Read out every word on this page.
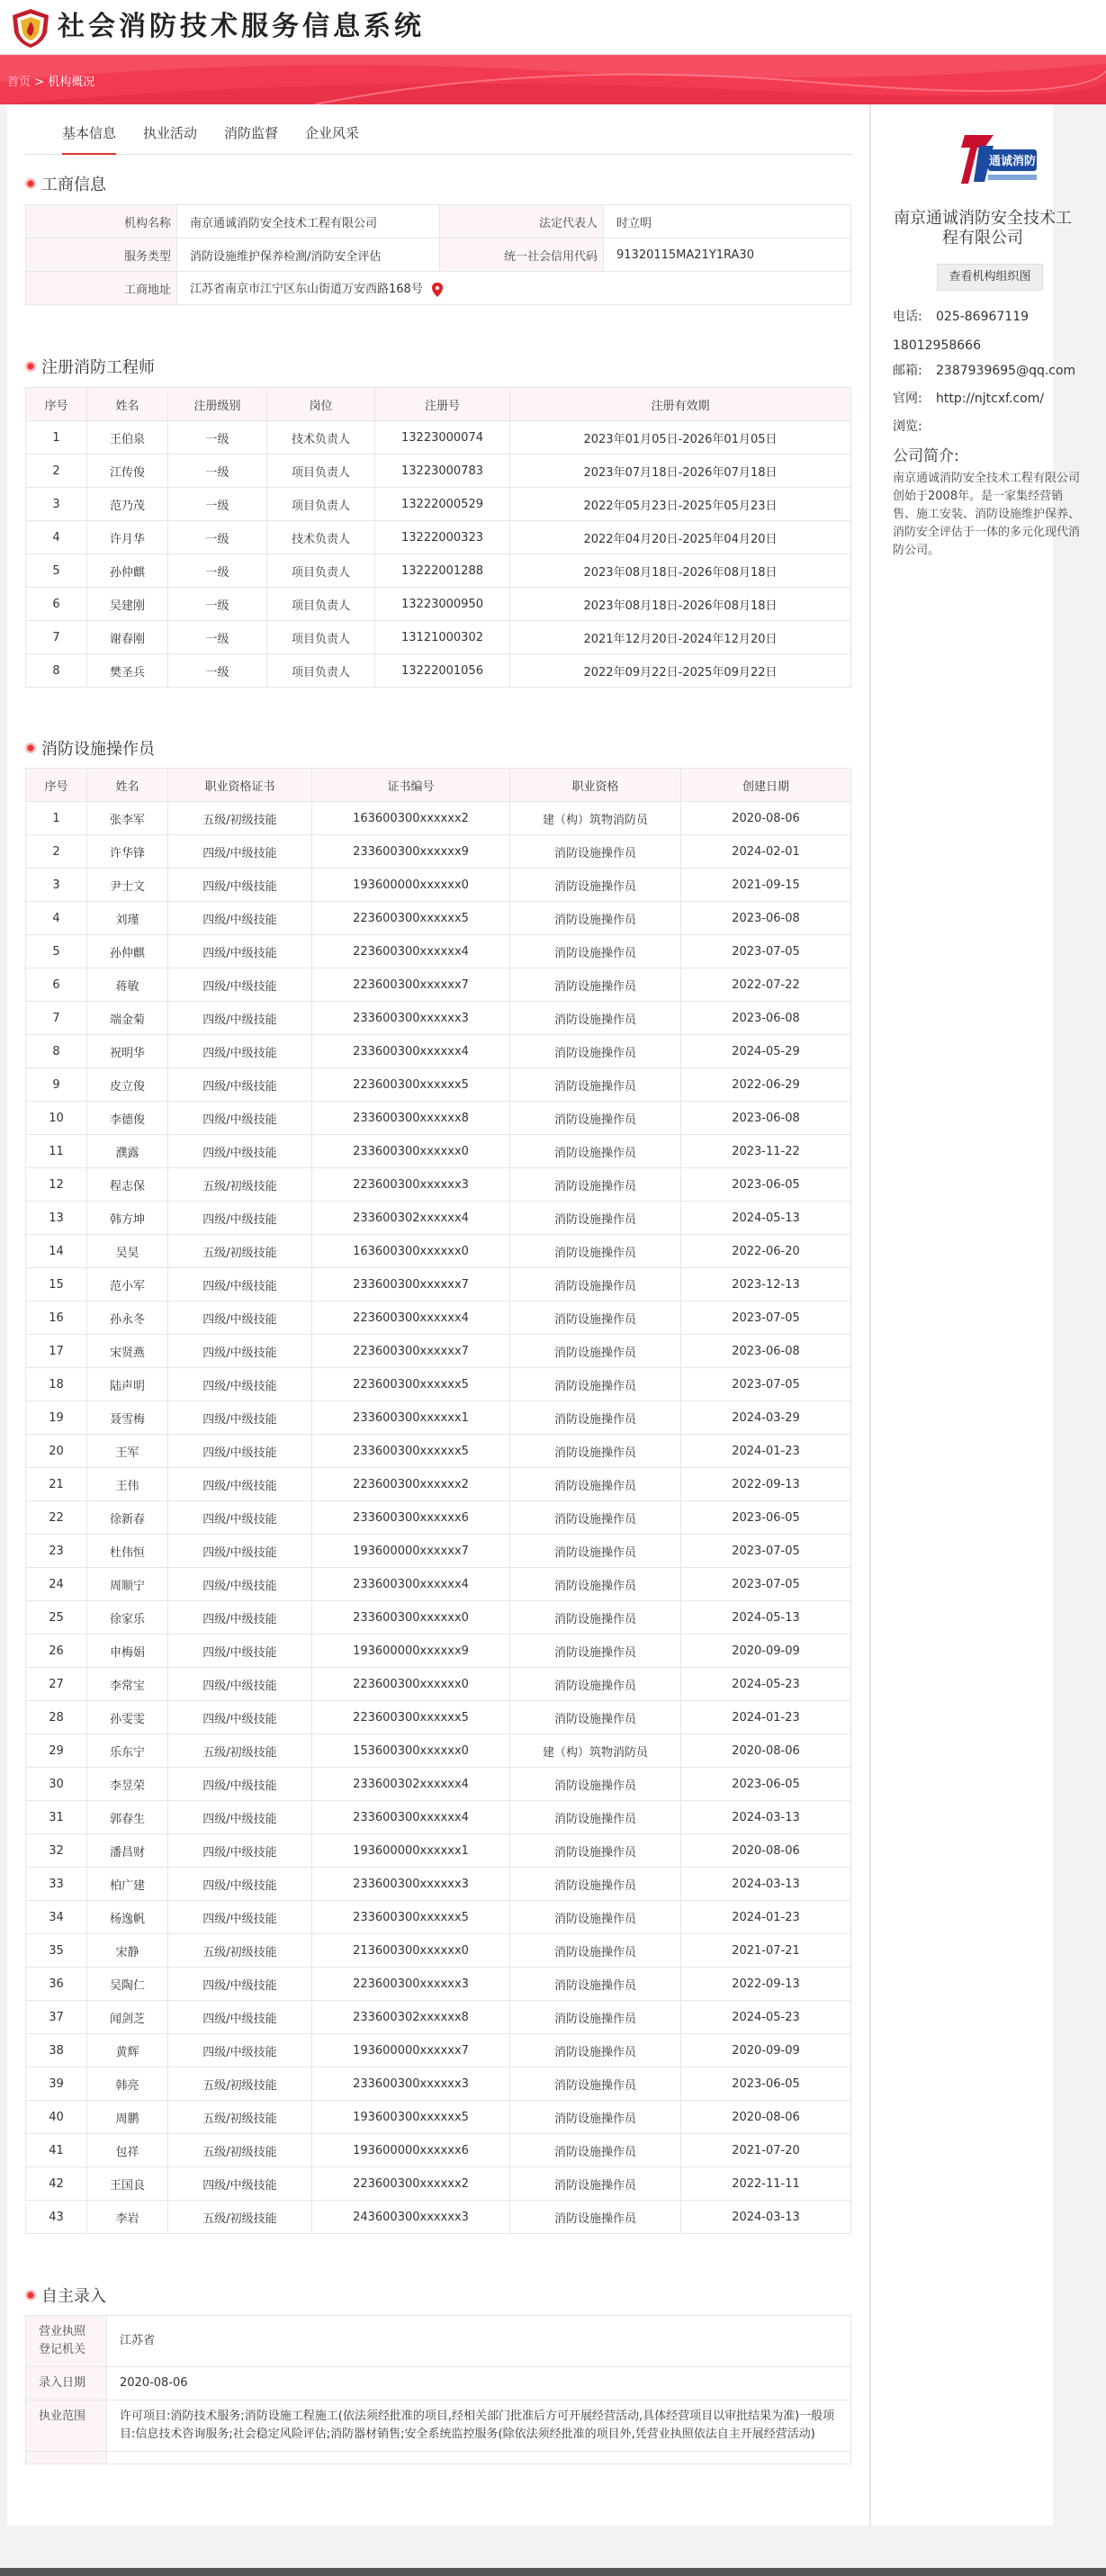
社会消防技术服务信息系统
首页 > 机构概况
基本信息 执业活动 消防监督 企业风采
工商信息
机构名称	南京通诚消防安全技术工程有限公司	法定代表人	时立明
服务类型	消防设施维护保养检测/消防安全评估	统一社会信用代码	91320115MA21Y1RA30
工商地址	江苏省南京市江宁区东山街道万安西路168号		
注册消防工程师
序号	姓名	注册级别	岗位	注册号	注册有效期
1	王伯泉	一级	技术负责人	13223000074	2023年01月05日-2026年01月05日
2	江传俊	一级	项目负责人	13223000783	2023年07月18日-2026年07月18日
3	范乃茂	一级	项目负责人	13222000529	2022年05月23日-2025年05月23日
4	许月华	一级	技术负责人	13222000323	2022年04月20日-2025年04月20日
5	孙仲麒	一级	项目负责人	13222001288	2023年08月18日-2026年08月18日
6	吴建刚	一级	项目负责人	13223000950	2023年08月18日-2026年08月18日
7	谢春刚	一级	项目负责人	13121000302	2021年12月20日-2024年12月20日
8	樊圣兵	一级	项目负责人	13222001056	2022年09月22日-2025年09月22日
消防设施操作员
序号	姓名	职业资格证书	证书编号	职业资格	创建日期
1	张李军	五级/初级技能	163600300xxxxxx2	建（构）筑物消防员	2020-08-06
2	许华锋	四级/中级技能	233600300xxxxxx9	消防设施操作员	2024-02-01
3	尹士文	四级/中级技能	193600000xxxxxx0	消防设施操作员	2021-09-15
4	刘瑾	四级/中级技能	223600300xxxxxx5	消防设施操作员	2023-06-08
5	孙仲麒	四级/中级技能	223600300xxxxxx4	消防设施操作员	2023-07-05
6	蒋敏	四级/中级技能	223600300xxxxxx7	消防设施操作员	2022-07-22
7	端金菊	四级/中级技能	233600300xxxxxx3	消防设施操作员	2023-06-08
8	祝明华	四级/中级技能	233600300xxxxxx4	消防设施操作员	2024-05-29
9	皮立俊	四级/中级技能	223600300xxxxxx5	消防设施操作员	2022-06-29
10	李德俊	四级/中级技能	233600300xxxxxx8	消防设施操作员	2023-06-08
11	濮露	四级/中级技能	233600300xxxxxx0	消防设施操作员	2023-11-22
12	程志保	五级/初级技能	223600300xxxxxx3	消防设施操作员	2023-06-05
13	韩方坤	四级/中级技能	233600302xxxxxx4	消防设施操作员	2024-05-13
14	吴昊	五级/初级技能	163600300xxxxxx0	消防设施操作员	2022-06-20
15	范小军	四级/中级技能	233600300xxxxxx7	消防设施操作员	2023-12-13
16	孙永冬	四级/中级技能	223600300xxxxxx4	消防设施操作员	2023-07-05
17	宋贤燕	四级/中级技能	223600300xxxxxx7	消防设施操作员	2023-06-08
18	陆声明	四级/中级技能	223600300xxxxxx5	消防设施操作员	2023-07-05
19	聂雪梅	四级/中级技能	233600300xxxxxx1	消防设施操作员	2024-03-29
20	王军	四级/中级技能	233600300xxxxxx5	消防设施操作员	2024-01-23
21	王伟	四级/中级技能	223600300xxxxxx2	消防设施操作员	2022-09-13
22	徐新春	四级/中级技能	233600300xxxxxx6	消防设施操作员	2023-06-05
23	杜伟恒	四级/中级技能	193600000xxxxxx7	消防设施操作员	2023-07-05
24	周顺宁	四级/中级技能	233600300xxxxxx4	消防设施操作员	2023-07-05
25	徐家乐	四级/中级技能	233600300xxxxxx0	消防设施操作员	2024-05-13
26	申梅娟	四级/中级技能	193600000xxxxxx9	消防设施操作员	2020-09-09
27	李常宝	四级/中级技能	223600300xxxxxx0	消防设施操作员	2024-05-23
28	孙雯雯	四级/中级技能	223600300xxxxxx5	消防设施操作员	2024-01-23
29	乐东宁	五级/初级技能	153600300xxxxxx0	建（构）筑物消防员	2020-08-06
30	李昱荣	四级/中级技能	233600302xxxxxx4	消防设施操作员	2023-06-05
31	郭春生	四级/中级技能	233600300xxxxxx4	消防设施操作员	2024-03-13
32	潘昌财	四级/中级技能	193600000xxxxxx1	消防设施操作员	2020-08-06
33	柏广建	四级/中级技能	233600300xxxxxx3	消防设施操作员	2024-03-13
34	杨逸帆	四级/中级技能	233600300xxxxxx5	消防设施操作员	2024-01-23
35	宋静	五级/初级技能	213600300xxxxxx0	消防设施操作员	2021-07-21
36	吴陶仁	四级/中级技能	223600300xxxxxx3	消防设施操作员	2022-09-13
37	闻剑芝	四级/中级技能	233600302xxxxxx8	消防设施操作员	2024-05-23
38	黄辉	四级/中级技能	193600000xxxxxx7	消防设施操作员	2020-09-09
39	韩亮	五级/初级技能	233600300xxxxxx3	消防设施操作员	2023-06-05
40	周鹏	五级/初级技能	193600300xxxxxx5	消防设施操作员	2020-08-06
41	包祥	五级/初级技能	193600000xxxxxx6	消防设施操作员	2021-07-20
42	王国良	四级/中级技能	223600300xxxxxx2	消防设施操作员	2022-11-11
43	李岩	五级/初级技能	243600300xxxxxx3	消防设施操作员	2024-03-13
自主录入
营业执照登记机关	江苏省
录入日期	2020-08-06
执业范围	许可项目:消防技术服务;消防设施工程施工(依法须经批准的项目,经相关部门批准后方可开展经营活动,具体经营项目以审批结果为准)一般项目:信息技术咨询服务;社会稳定风险评估;消防器材销售;安全系统监控服务(除依法须经批准的项目外,凭营业执照依法自主开展经营活动)

通诚消防
南京通诚消防安全技术工程有限公司
查看机构组织图
电话: 025-86967119 18012958666
邮箱: 2387939695@qq.com
官网: http://njtcxf.com/
浏览:
公司简介:
南京通诚消防安全技术工程有限公司创始于2008年。是一家集经营销售、施工安装、消防设施维护保养、消防安全评估于一体的多元化现代消防公司。
